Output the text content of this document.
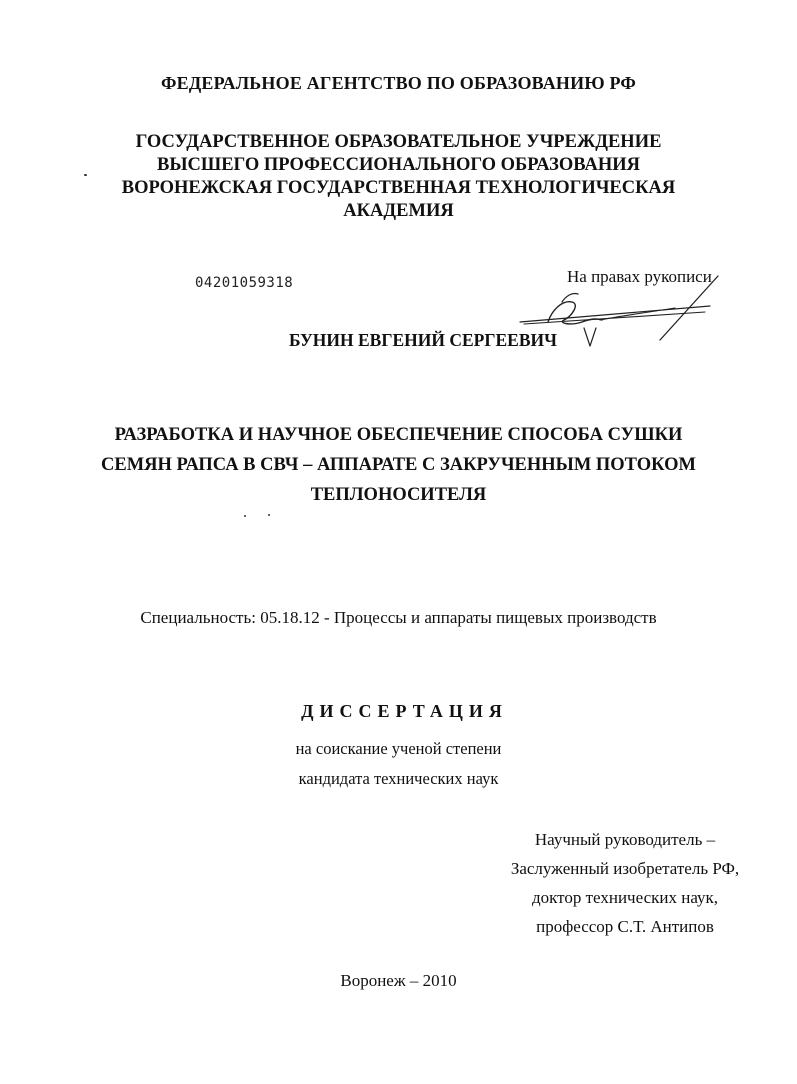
ФЕДЕРАЛЬНОЕ АГЕНТСТВО ПО ОБРАЗОВАНИЮ РФ
ГОСУДАРСТВЕННОЕ ОБРАЗОВАТЕЛЬНОЕ УЧРЕЖДЕНИЕ
ВЫСШЕГО ПРОФЕССИОНАЛЬНОГО ОБРАЗОВАНИЯ
ВОРОНЕЖСКАЯ ГОСУДАРСТВЕННАЯ ТЕХНОЛОГИЧЕСКАЯ
АКАДЕМИЯ
04201059318	На правах рукописи
БУНИН ЕВГЕНИЙ СЕРГЕЕВИЧ
РАЗРАБОТКА И НАУЧНОЕ ОБЕСПЕЧЕНИЕ СПОСОБА СУШКИ
СЕМЯН РАПСА В СВЧ – АППАРАТЕ С ЗАКРУЧЕННЫМ ПОТОКОМ
ТЕПЛОНОСИТЕЛЯ
Специальность: 05.18.12 - Процессы и аппараты пищевых производств
ДИССЕРТАЦИЯ
на соискание ученой степени
кандидата технических наук
Научный руководитель –
Заслуженный изобретатель РФ,
доктор технических наук,
профессор С.Т. Антипов
Воронеж – 2010
